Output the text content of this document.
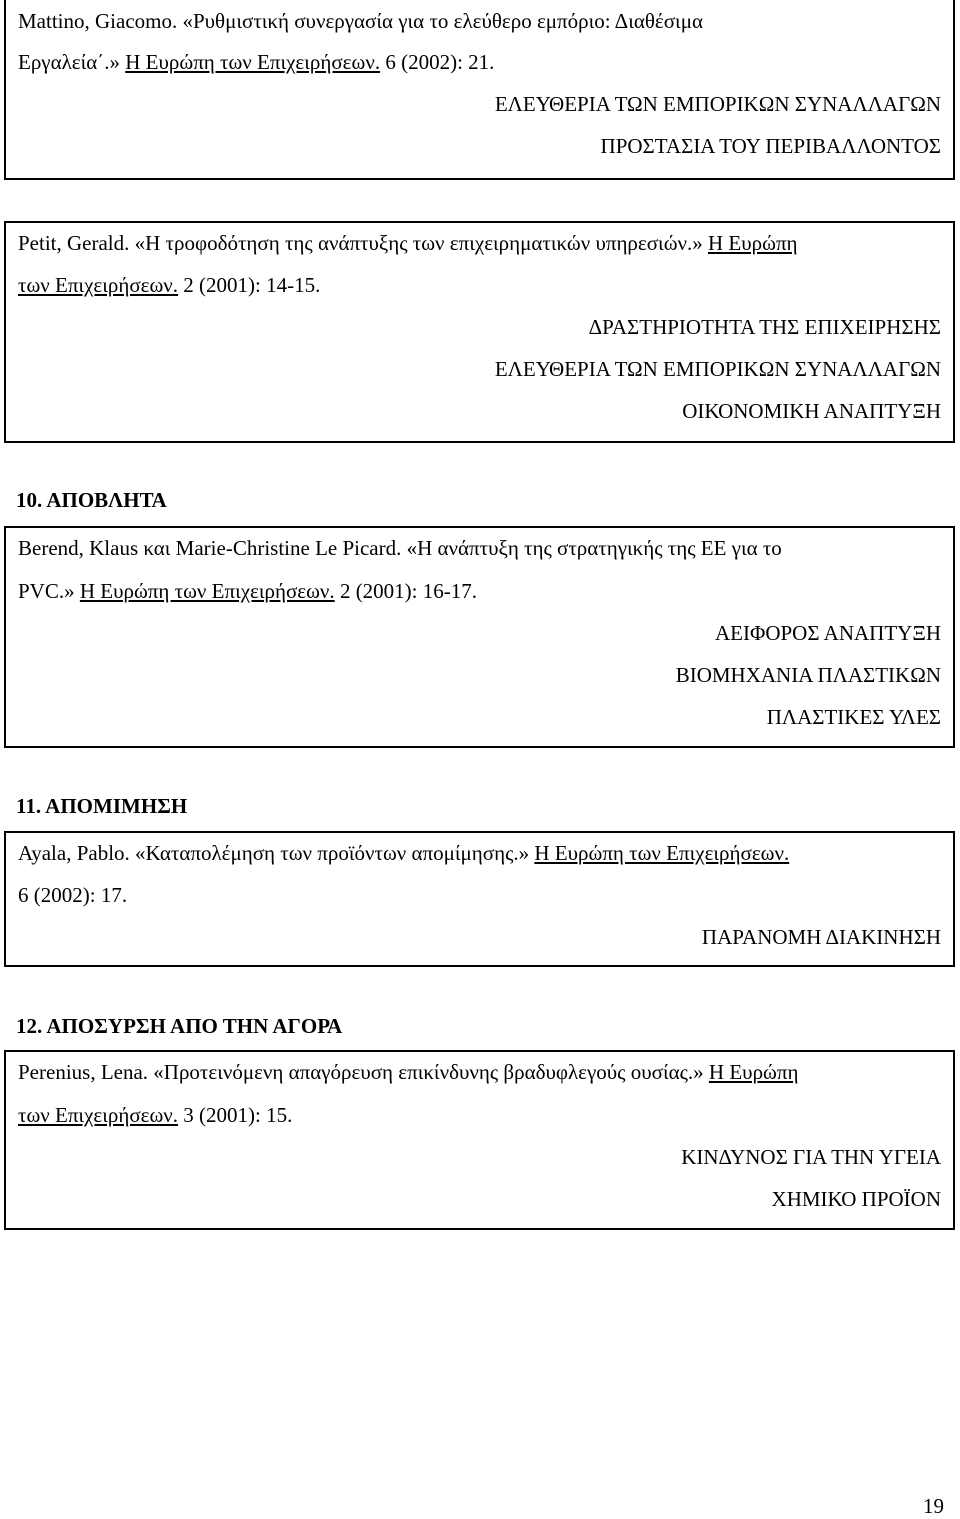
Mattino, Giacomo. «Ρυθμιστική συνεργασία για το ελεύθερο εμπόριο: Διαθέσιμα
Εργαλεία΄.» Η Ευρώπη των Επιχειρήσεων. 6 (2002): 21.
ΕΛΕΥΘΕΡΙΑ ΤΩΝ ΕΜΠΟΡΙΚΩΝ ΣΥΝΑΛΛΑΓΩΝ
ΠΡΟΣΤΑΣΙΑ ΤΟΥ ΠΕΡΙΒΑΛΛΟΝΤΟΣ
Petit, Gerald. «Η τροφοδότηση της ανάπτυξης των επιχειρηματικών υπηρεσιών.» Η Ευρώπη
των Επιχειρήσεων. 2 (2001): 14-15.
ΔΡΑΣΤΗΡΙΟΤΗΤΑ ΤΗΣ ΕΠΙΧΕΙΡΗΣΗΣ
ΕΛΕΥΘΕΡΙΑ ΤΩΝ ΕΜΠΟΡΙΚΩΝ ΣΥΝΑΛΛΑΓΩΝ
ΟΙΚΟΝΟΜΙΚΗ ΑΝΑΠΤΥΞΗ
10. ΑΠΟΒΛΗΤΑ
Berend, Klaus και Marie-Christine Le Picard. «Η ανάπτυξη της στρατηγικής της ΕΕ για το
PVC.» Η Ευρώπη των Επιχειρήσεων. 2 (2001): 16-17.
ΑΕΙΦΟΡΟΣ ΑΝΑΠΤΥΞΗ
ΒΙΟΜΗΧΑΝΙΑ ΠΛΑΣΤΙΚΩΝ
ΠΛΑΣΤΙΚΕΣ ΥΛΕΣ
11. ΑΠΟΜΙΜΗΣΗ
Ayala, Pablo. «Καταπολέμηση των προϊόντων απομίμησης.» Η Ευρώπη των Επιχειρήσεων.
6 (2002): 17.
ΠΑΡΑΝΟΜΗ ΔΙΑΚΙΝΗΣΗ
12. ΑΠΟΣΥΡΣΗ ΑΠΟ ΤΗΝ ΑΓΟΡΑ
Perenius, Lena. «Προτεινόμενη απαγόρευση επικίνδυνης βραδυφλεγούς ουσίας.» Η Ευρώπη
των Επιχειρήσεων. 3 (2001): 15.
ΚΙΝΔΥΝΟΣ ΓΙΑ ΤΗΝ ΥΓΕΙΑ
ΧΗΜΙΚΟ ΠΡΟΪΟΝ
19
